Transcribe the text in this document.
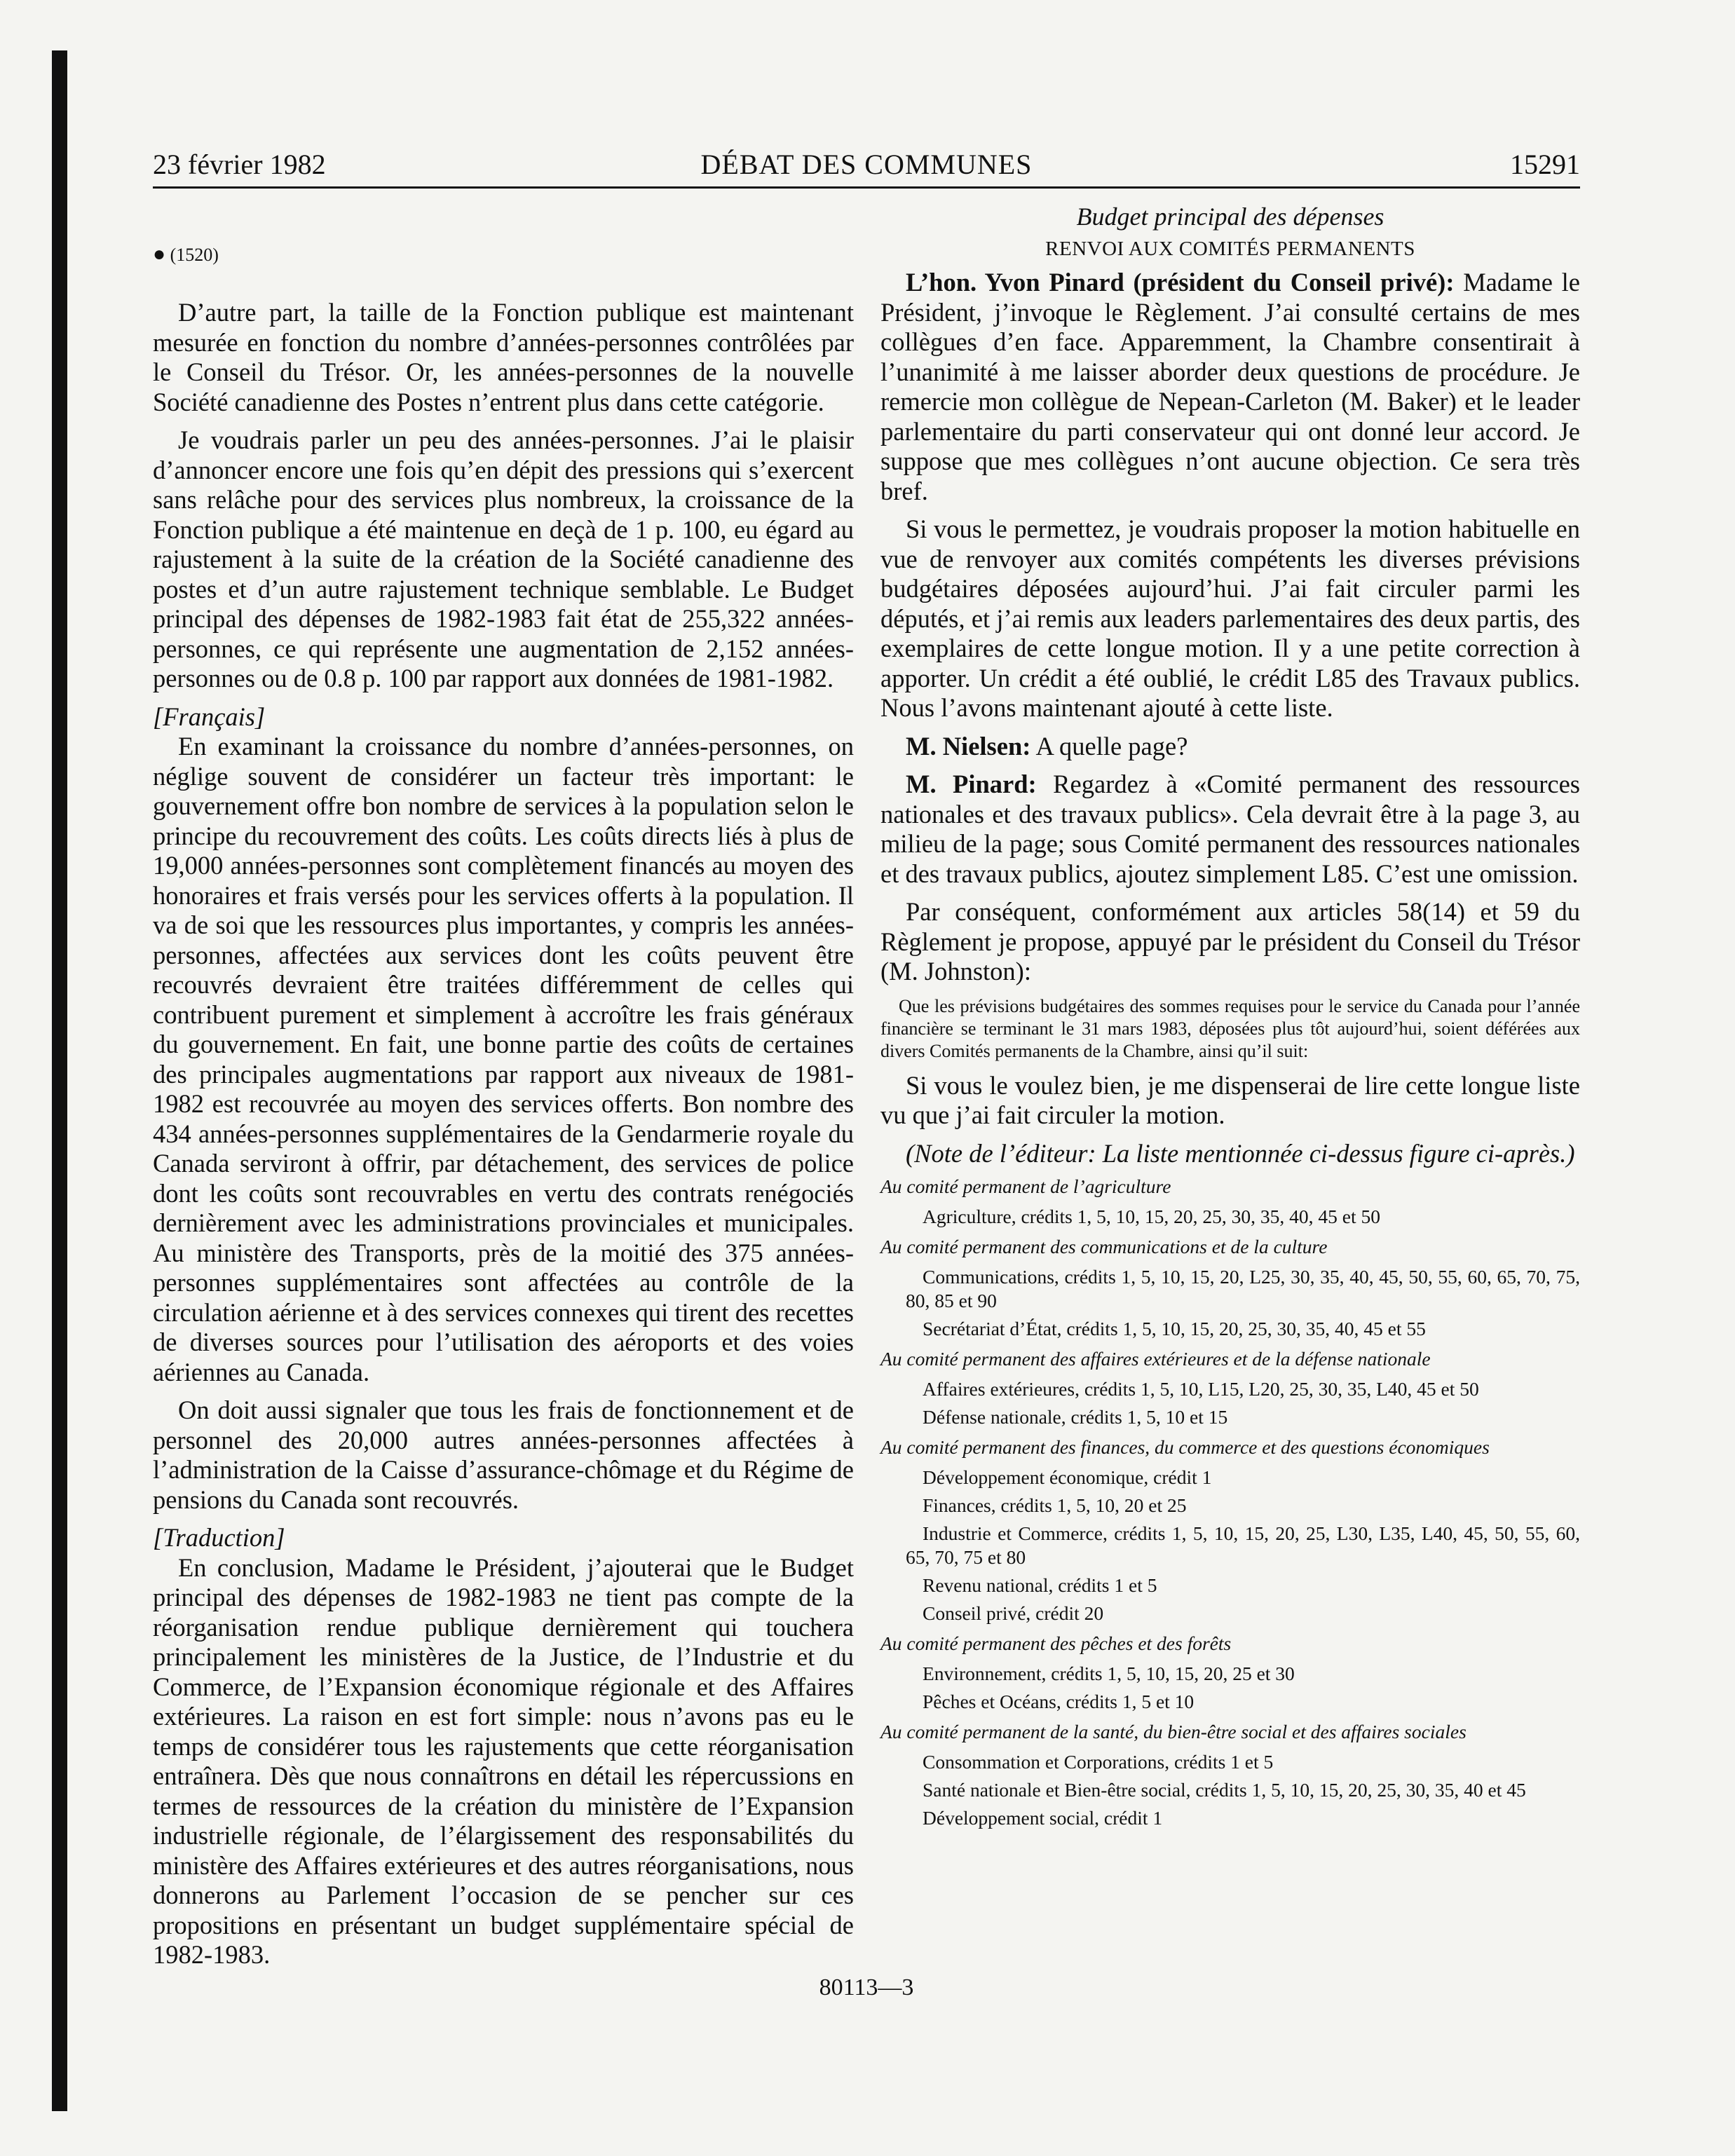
23 février 1982	DÉBAT DES COMMUNES	15291
● (1520)

D’autre part, la taille de la Fonction publique est maintenant mesurée en fonction du nombre d’années-personnes contrôlées par le Conseil du Trésor. Or, les années-personnes de la nouvelle Société canadienne des Postes n’entrent plus dans cette catégorie.

Je voudrais parler un peu des années-personnes. J’ai le plaisir d’annoncer encore une fois qu’en dépit des pressions qui s’exercent sans relâche pour des services plus nombreux, la croissance de la Fonction publique a été maintenue en deçà de 1 p. 100, eu égard au rajustement à la suite de la création de la Société canadienne des postes et d’un autre rajustement technique semblable. Le Budget principal des dépenses de 1982-1983 fait état de 255,322 années-personnes, ce qui représente une augmentation de 2,152 années-personnes ou de 0.8 p. 100 par rapport aux données de 1981-1982.

[Français]

En examinant la croissance du nombre d’années-personnes, on néglige souvent de considérer un facteur très important: le gouvernement offre bon nombre de services à la population selon le principe du recouvrement des coûts. Les coûts directs liés à plus de 19,000 années-personnes sont complètement financés au moyen des honoraires et frais versés pour les services offerts à la population. Il va de soi que les ressources plus importantes, y compris les années-personnes, affectées aux services dont les coûts peuvent être recouvrés devraient être traitées différemment de celles qui contribuent purement et simplement à accroître les frais généraux du gouvernement. En fait, une bonne partie des coûts de certaines des principales augmentations par rapport aux niveaux de 1981-1982 est recouvrée au moyen des services offerts. Bon nombre des 434 années-personnes supplémentaires de la Gendarmerie royale du Canada serviront à offrir, par détachement, des services de police dont les coûts sont recouvrables en vertu des contrats renégociés dernièrement avec les administrations provinciales et municipales. Au ministère des Transports, près de la moitié des 375 années-personnes supplémentaires sont affectées au contrôle de la circulation aérienne et à des services connexes qui tirent des recettes de diverses sources pour l’utilisation des aéroports et des voies aériennes au Canada.

On doit aussi signaler que tous les frais de fonctionnement et de personnel des 20,000 autres années-personnes affectées à l’administration de la Caisse d’assurance-chômage et du Régime de pensions du Canada sont recouvrés.

[Traduction]

En conclusion, Madame le Président, j’ajouterai que le Budget principal des dépenses de 1982-1983 ne tient pas compte de la réorganisation rendue publique dernièrement qui touchera principalement les ministères de la Justice, de l’Industrie et du Commerce, de l’Expansion économique régionale et des Affaires extérieures. La raison en est fort simple: nous n’avons pas eu le temps de considérer tous les rajustements que cette réorganisation entraînera. Dès que nous connaîtrons en détail les répercussions en termes de ressources de la création du ministère de l’Expansion industrielle régionale, de l’élargissement des responsabilités du ministère des Affaires extérieures et des autres réorganisations, nous donnerons au Parlement l’occasion de se pencher sur ces propositions en présentant un budget supplémentaire spécial de 1982-1983.

Budget principal des dépenses
RENVOI AUX COMITÉS PERMANENTS

L’hon. Yvon Pinard (président du Conseil privé): Madame le Président, j’invoque le Règlement. J’ai consulté certains de mes collègues d’en face. Apparemment, la Chambre consentirait à l’unanimité à me laisser aborder deux questions de procédure. Je remercie mon collègue de Nepean-Carleton (M. Baker) et le leader parlementaire du parti conservateur qui ont donné leur accord. Je suppose que mes collègues n’ont aucune objection. Ce sera très bref.

Si vous le permettez, je voudrais proposer la motion habituelle en vue de renvoyer aux comités compétents les diverses prévisions budgétaires déposées aujourd’hui. J’ai fait circuler parmi les députés, et j’ai remis aux leaders parlementaires des deux partis, des exemplaires de cette longue motion. Il y a une petite correction à apporter. Un crédit a été oublié, le crédit L85 des Travaux publics. Nous l’avons maintenant ajouté à cette liste.

M. Nielsen: A quelle page?

M. Pinard: Regardez à «Comité permanent des ressources nationales et des travaux publics». Cela devrait être à la page 3, au milieu de la page; sous Comité permanent des ressources nationales et des travaux publics, ajoutez simplement L85. C’est une omission.

Par conséquent, conformément aux articles 58(14) et 59 du Règlement je propose, appuyé par le président du Conseil du Trésor (M. Johnston):

Que les prévisions budgétaires des sommes requises pour le service du Canada pour l’année financière se terminant le 31 mars 1983, déposées plus tôt aujourd’hui, soient déférées aux divers Comités permanents de la Chambre, ainsi qu’il suit:

Si vous le voulez bien, je me dispenserai de lire cette longue liste vu que j’ai fait circuler la motion.

(Note de l’éditeur: La liste mentionnée ci-dessus figure ci-après.)

Au comité permanent de l’agriculture
Agriculture, crédits 1, 5, 10, 15, 20, 25, 30, 35, 40, 45 et 50
Au comité permanent des communications et de la culture
Communications, crédits 1, 5, 10, 15, 20, L25, 30, 35, 40, 45, 50, 55, 60, 65, 70, 75, 80, 85 et 90
Secrétariat d’État, crédits 1, 5, 10, 15, 20, 25, 30, 35, 40, 45 et 55
Au comité permanent des affaires extérieures et de la défense nationale
Affaires extérieures, crédits 1, 5, 10, L15, L20, 25, 30, 35, L40, 45 et 50
Défense nationale, crédits 1, 5, 10 et 15
Au comité permanent des finances, du commerce et des questions économiques
Développement économique, crédit 1
Finances, crédits 1, 5, 10, 20 et 25
Industrie et Commerce, crédits 1, 5, 10, 15, 20, 25, L30, L35, L40, 45, 50, 55, 60, 65, 70, 75 et 80
Revenu national, crédits 1 et 5
Conseil privé, crédit 20
Au comité permanent des pêches et des forêts
Environnement, crédits 1, 5, 10, 15, 20, 25 et 30
Pêches et Océans, crédits 1, 5 et 10
Au comité permanent de la santé, du bien-être social et des affaires sociales
Consommation et Corporations, crédits 1 et 5
Santé nationale et Bien-être social, crédits 1, 5, 10, 15, 20, 25, 30, 35, 40 et 45
Développement social, crédit 1
80113—3
